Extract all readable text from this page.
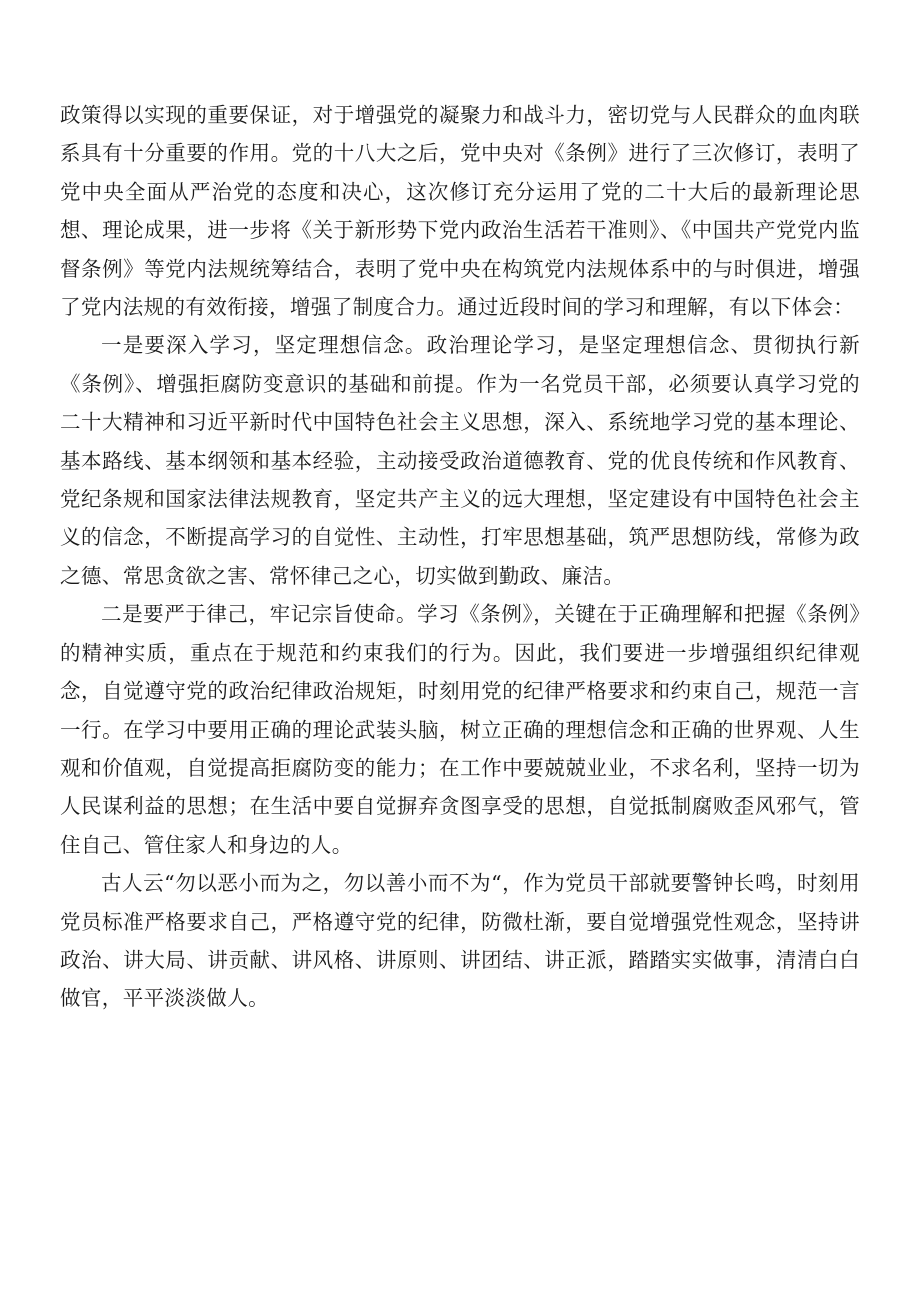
政策得以实现的重要保证，对于增强党的凝聚力和战斗力，密切党与人民群众的血肉联系具有十分重要的作用。党的十八大之后，党中央对《条例》进行了三次修订，表明了党中央全面从严治党的态度和决心，这次修订充分运用了党的二十大后的最新理论思想、理论成果，进一步将《关于新形势下党内政治生活若干准则》、《中国共产党党内监督条例》等党内法规统筹结合，表明了党中央在构筑党内法规体系中的与时俱进，增强了党内法规的有效衔接，增强了制度合力。通过近段时间的学习和理解，有以下体会：

一是要深入学习，坚定理想信念。政治理论学习，是坚定理想信念、贯彻执行新《条例》、增强拒腐防变意识的基础和前提。作为一名党员干部，必须要认真学习党的二十大精神和习近平新时代中国特色社会主义思想，深入、系统地学习党的基本理论、基本路线、基本纲领和基本经验，主动接受政治道德教育、党的优良传统和作风教育、党纪条规和国家法律法规教育，坚定共产主义的远大理想，坚定建设有中国特色社会主义的信念，不断提高学习的自觉性、主动性，打牢思想基础，筑严思想防线，常修为政之德、常思贪欲之害、常怀律己之心，切实做到勤政、廉洁。

二是要严于律己，牢记宗旨使命。学习《条例》，关键在于正确理解和把握《条例》的精神实质，重点在于规范和约束我们的行为。因此，我们要进一步增强组织纪律观念，自觉遵守党的政治纪律政治规矩，时刻用党的纪律严格要求和约束自己，规范一言一行。在学习中要用正确的理论武装头脑，树立正确的理想信念和正确的世界观、人生观和价值观，自觉提高拒腐防变的能力；在工作中要兢兢业业，不求名利，坚持一切为人民谋利益的思想；在生活中要自觉摒弃贪图享受的思想，自觉抵制腐败歪风邪气，管住自己、管住家人和身边的人。

古人云“勿以恶小而为之，勿以善小而不为“，作为党员干部就要警钟长鸣，时刻用党员标准严格要求自己，严格遵守党的纪律，防微杜渐，要自觉增强党性观念，坚持讲政治、讲大局、讲贡献、讲风格、讲原则、讲团结、讲正派，踏踏实实做事，清清白白做官，平平淡淡做人。
